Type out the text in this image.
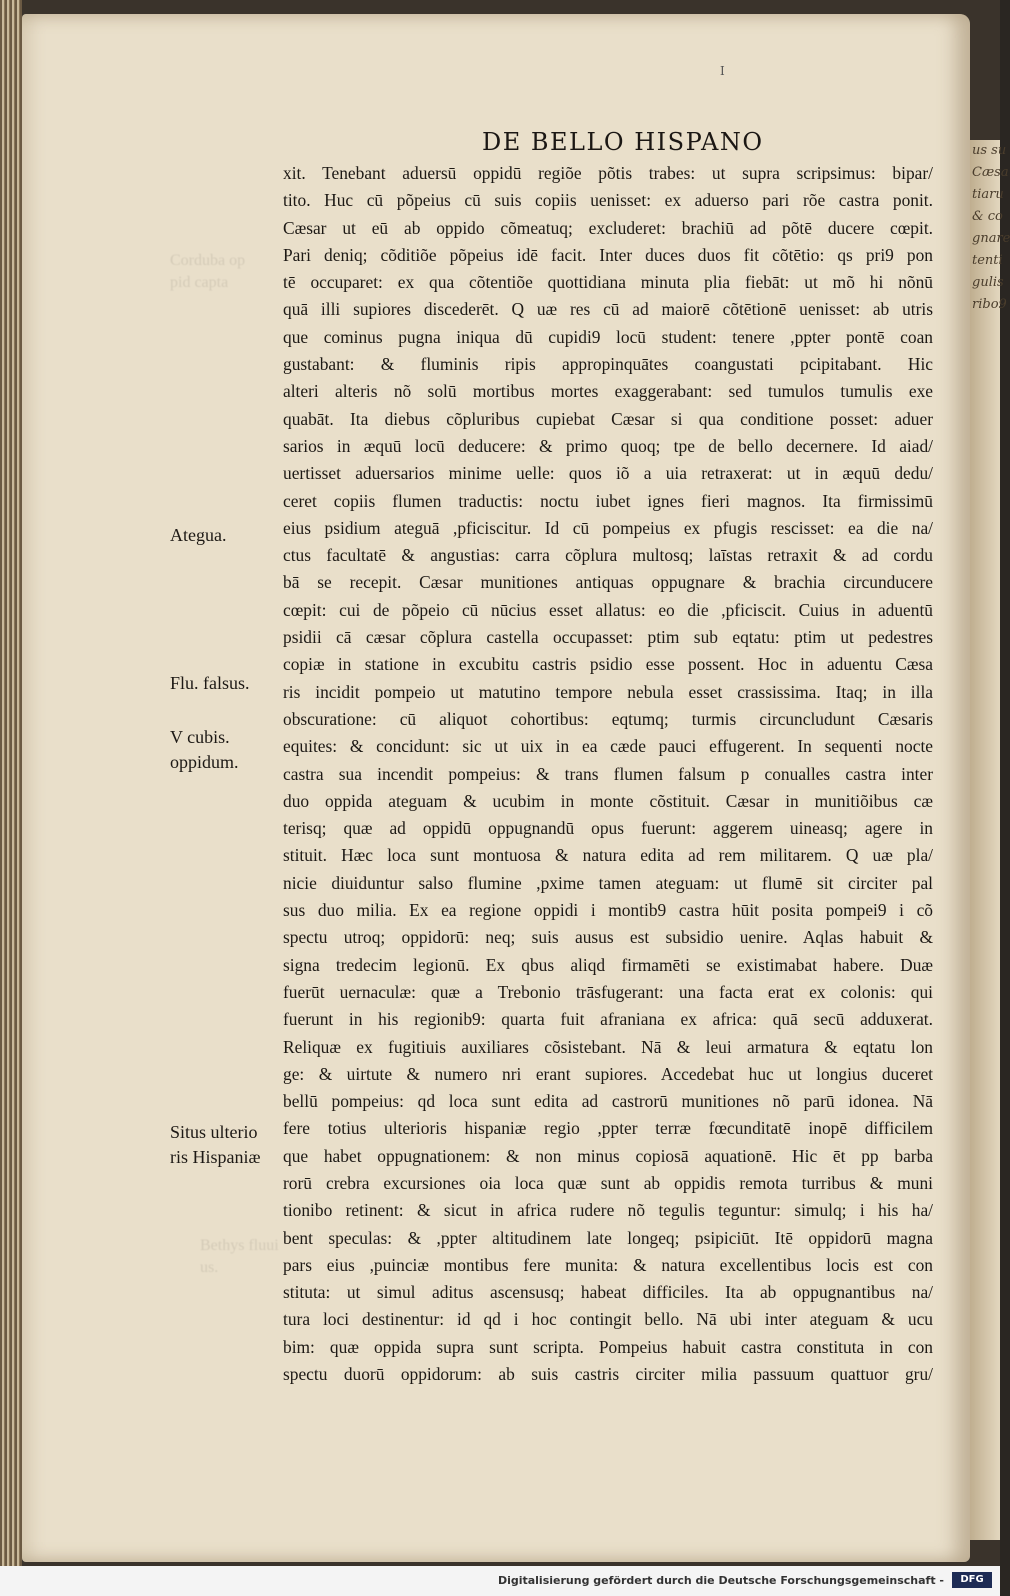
us su
Cæsa
tiaru
& co
gnare
tenti
gulis
ribo9
I
DE BELLO HISPANO
Corduba op
pid capta
Bethys fluui
us.
xit. Tenebant aduersū oppidū regiõe põtis trabes: ut supra scripsimus: bipar/
tito. Huc cū põpeius cū suis copiis uenisset: ex aduerso pari rõe castra ponit.
Cæsar ut eū ab oppido cõmeatuq; excluderet: brachiū ad põtē ducere cœpit.
Pari deniq; cõditiõe põpeius idē facit. Inter duces duos fit cõtētio: qs pri9 pon
tē occuparet: ex qua cõtentiõe quottidiana minuta plia fiebāt: ut mõ hi nõnū
quā illi supiores discederēt. Q uæ res cū ad maiorē cõtētionē uenisset: ab utris
que cominus pugna iniqua dū cupidi9 locū student: tenere ,ppter pontē coan
gustabant: & fluminis ripis appropinquātes coangustati pcipitabant. Hic
alteri alteris nõ solū mortibus mortes exaggerabant: sed tumulos tumulis exe
quabāt. Ita diebus cõpluribus cupiebat Cæsar si qua conditione posset: aduer
sarios in æquū locū deducere: & primo quoq; tpe de bello decernere. Id aiad/
uertisset aduersarios minime uelle: quos iõ a uia retraxerat: ut in æquū dedu/
ceret copiis flumen traductis: noctu iubet ignes fieri magnos. Ita firmissimū
eius psidium ateguā ,pficiscitur. Id cū pompeius ex pfugis rescisset: ea die na/
ctus facultatē & angustias: carra cõplura multosq; laīstas retraxit & ad cordu
bā se recepit. Cæsar munitiones antiquas oppugnare & brachia circunducere
cœpit: cui de põpeio cū nūcius esset allatus: eo die ,pficiscit. Cuius in aduentū
psidii cā cæsar cõplura castella occupasset: ptim sub eqtatu: ptim ut pedestres
copiæ in statione in excubitu castris psidio esse possent. Hoc in aduentu Cæsa
ris incidit pompeio ut matutino tempore nebula esset crassissima. Itaq; in illa
obscuratione: cū aliquot cohortibus: eqtumq; turmis circuncludunt Cæsaris
equites: & concidunt: sic ut uix in ea cæde pauci effugerent. In sequenti nocte
castra sua incendit pompeius: & trans flumen falsum p conualles castra inter
duo oppida ateguam & ucubim in monte cõstituit. Cæsar in munitiõibus cæ
terisq; quæ ad oppidū oppugnandū opus fuerunt: aggerem uineasq; agere in
stituit. Hæc loca sunt montuosa & natura edita ad rem militarem. Q uæ pla/
nicie diuiduntur salso flumine ,pxime tamen ateguam: ut flumē sit circiter pal
sus duo milia. Ex ea regione oppidi i montib9 castra hūit posita pompei9 i cõ
spectu utroq; oppidorū: neq; suis ausus est subsidio uenire. Aqlas habuit &
signa tredecim legionū. Ex qbus aliqd firmamēti se existimabat habere. Duæ
fuerūt uernaculæ: quæ a Trebonio trāsfugerant: una facta erat ex colonis: qui
fuerunt in his regionib9: quarta fuit afraniana ex africa: quā secū adduxerat.
Reliquæ ex fugitiuis auxiliares cõsistebant. Nā & leui armatura & eqtatu lon
ge: & uirtute & numero nri erant supiores. Accedebat huc ut longius duceret
bellū pompeius: qd loca sunt edita ad castrorū munitiones nõ parū idonea. Nā
fere totius ulterioris hispaniæ regio ,ppter terræ fœcunditatē inopē difficilem
que habet oppugnationem: & non minus copiosā aquationē. Hic ēt pp barba
rorū crebra excursiones oia loca quæ sunt ab oppidis remota turribus & muni
tionibo retinent: & sicut in africa rudere nõ tegulis teguntur: simulq; i his ha/
bent speculas: & ,ppter altitudinem late longeq; psipiciūt. Itē oppidorū magna
pars eius ,puinciæ montibus fere munita: & natura excellentibus locis est con
stituta: ut simul aditus ascensusq; habeat difficiles. Ita ab oppugnantibus na/
tura loci destinentur: id qd i hoc contingit bello. Nā ubi inter ateguam & ucu
bim: quæ oppida supra sunt scripta. Pompeius habuit castra constituta in con
spectu duorū oppidorum: ab suis castris circiter milia passuum quattuor gru/
Ategua.
Flu. falsus.
V cubis.
oppidum.
Situs ulterio
ris Hispaniæ
Digitalisierung gefördert durch die Deutsche Forschungsgemeinschaft -	DFG
